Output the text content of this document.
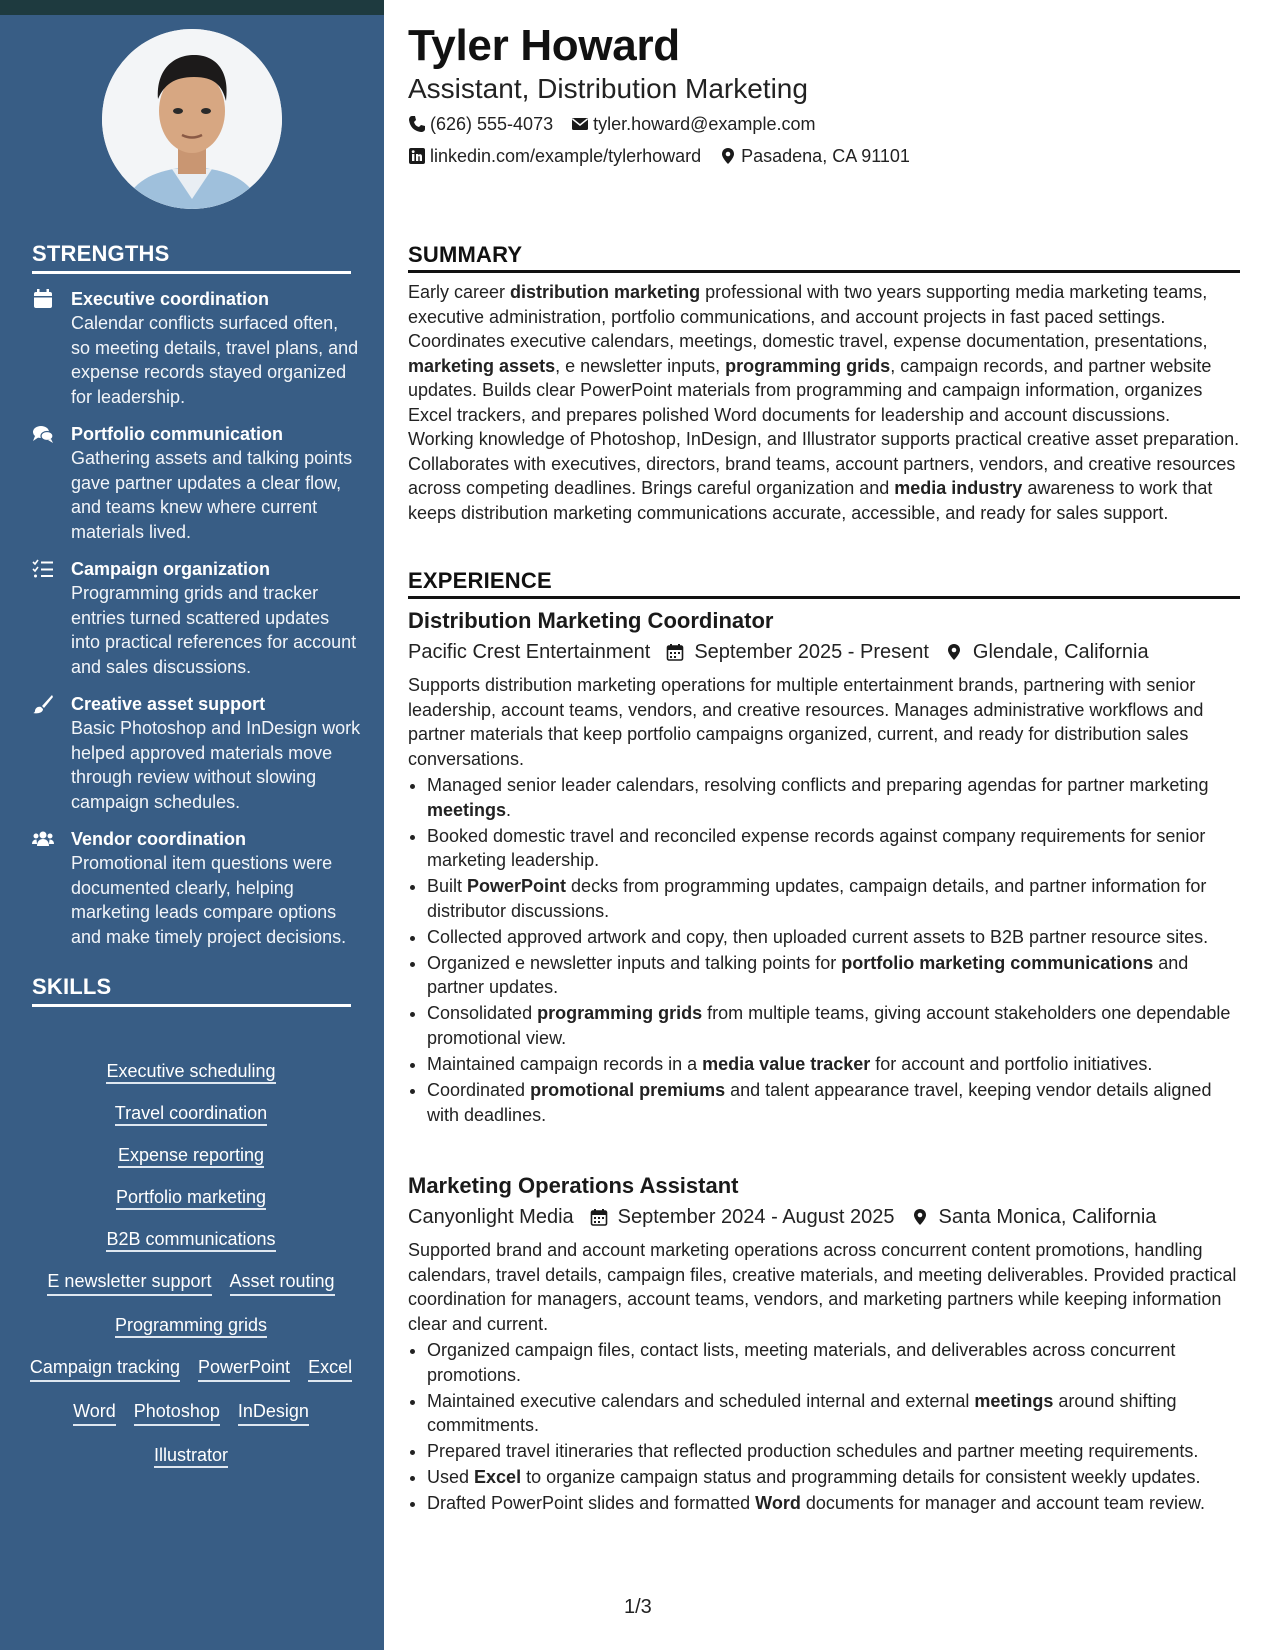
STRENGTHS
Executive coordination
Calendar conflicts surfaced often, so meeting details, travel plans, and expense records stayed organized for leadership.
Portfolio communication
Gathering assets and talking points gave partner updates a clear flow, and teams knew where current materials lived.
Campaign organization
Programming grids and tracker entries turned scattered updates into practical references for account and sales discussions.
Creative asset support
Basic Photoshop and InDesign work helped approved materials move through review without slowing campaign schedules.
Vendor coordination
Promotional item questions were documented clearly, helping marketing leads compare options and make timely project decisions.
SKILLS
Executive scheduling
Travel coordination
Expense reporting
Portfolio marketing
B2B communications
E newsletter support Asset routing
Programming grids
Campaign tracking PowerPoint Excel
Word Photoshop InDesign
Illustrator
Tyler Howard
Assistant, Distribution Marketing
(626) 555-4073 tyler.howard@example.com
linkedin.com/example/tylerhoward Pasadena, CA 91101
SUMMARY
Early career distribution marketing professional with two years supporting media marketing teams, executive administration, portfolio communications, and account projects in fast paced settings. Coordinates executive calendars, meetings, domestic travel, expense documentation, presentations, marketing assets, e newsletter inputs, programming grids, campaign records, and partner website updates. Builds clear PowerPoint materials from programming and campaign information, organizes Excel trackers, and prepares polished Word documents for leadership and account discussions. Working knowledge of Photoshop, InDesign, and Illustrator supports practical creative asset preparation. Collaborates with executives, directors, brand teams, account partners, vendors, and creative resources across competing deadlines. Brings careful organization and media industry awareness to work that keeps distribution marketing communications accurate, accessible, and ready for sales support.
EXPERIENCE
Distribution Marketing Coordinator
Pacific Crest Entertainment September 2025 - Present Glendale, California
Supports distribution marketing operations for multiple entertainment brands, partnering with senior leadership, account teams, vendors, and creative resources. Manages administrative workflows and partner materials that keep portfolio campaigns organized, current, and ready for distribution sales conversations.
• Managed senior leader calendars, resolving conflicts and preparing agendas for partner marketing meetings.
• Booked domestic travel and reconciled expense records against company requirements for senior marketing leadership.
• Built PowerPoint decks from programming updates, campaign details, and partner information for distributor discussions.
• Collected approved artwork and copy, then uploaded current assets to B2B partner resource sites.
• Organized e newsletter inputs and talking points for portfolio marketing communications and partner updates.
• Consolidated programming grids from multiple teams, giving account stakeholders one dependable promotional view.
• Maintained campaign records in a media value tracker for account and portfolio initiatives.
• Coordinated promotional premiums and talent appearance travel, keeping vendor details aligned with deadlines.
Marketing Operations Assistant
Canyonlight Media September 2024 - August 2025 Santa Monica, California
Supported brand and account marketing operations across concurrent content promotions, handling calendars, travel details, campaign files, creative materials, and meeting deliverables. Provided practical coordination for managers, account teams, vendors, and marketing partners while keeping information clear and current.
• Organized campaign files, contact lists, meeting materials, and deliverables across concurrent promotions.
• Maintained executive calendars and scheduled internal and external meetings around shifting commitments.
• Prepared travel itineraries that reflected production schedules and partner meeting requirements.
• Used Excel to organize campaign status and programming details for consistent weekly updates.
• Drafted PowerPoint slides and formatted Word documents for manager and account team review.
1/3
